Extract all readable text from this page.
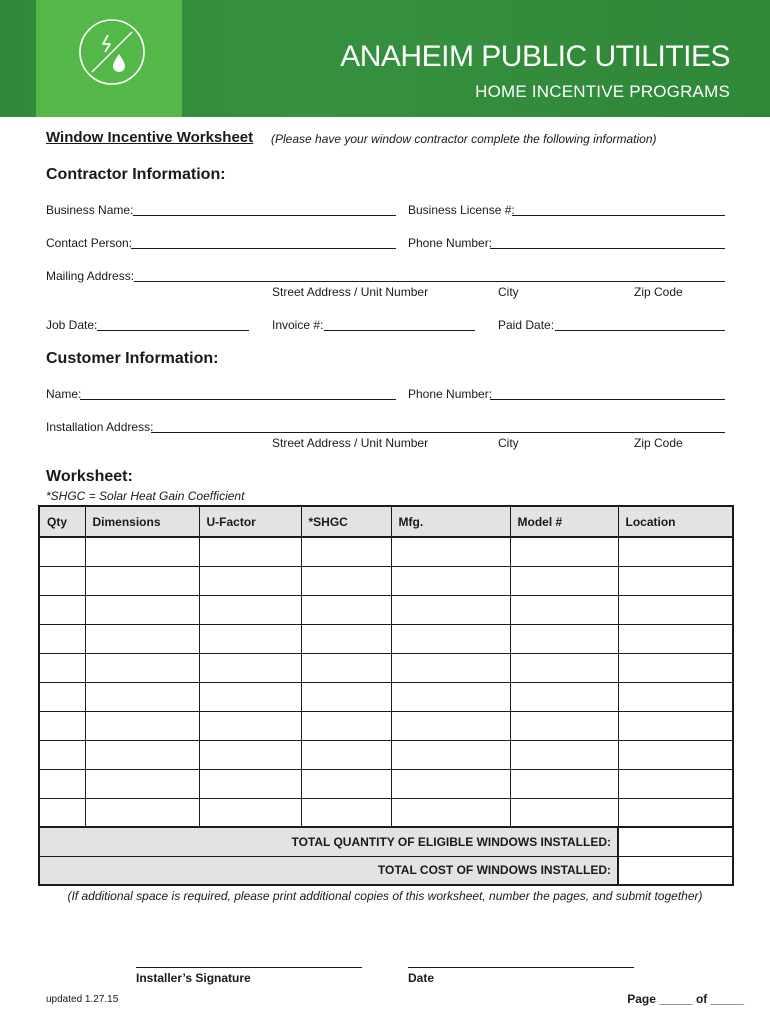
ANAHEIM PUBLIC UTILITIES
HOME INCENTIVE PROGRAMS
Window Incentive Worksheet (Please have your window contractor complete the following information)
Contractor Information:
Business Name:	Business License #:
Contact Person:	Phone Number:
Mailing Address:
Street Address / Unit Number	City	Zip Code
Job Date:	Invoice #:	Paid Date:
Customer Information:
Name:	Phone Number:
Installation Address:
Street Address / Unit Number	City	Zip Code
Worksheet:
*SHGC = Solar Heat Gain Coefficient
Qty	Dimensions	U-Factor	*SHGC	Mfg.	Model #	Location

TOTAL QUANTITY OF ELIGIBLE WINDOWS INSTALLED:						
TOTAL COST OF WINDOWS INSTALLED:						
(If additional space is required, please print additional copies of this worksheet, number the pages, and submit together)
Installer’s Signature	Date
updated 1.27.15	Page _____ of _____
